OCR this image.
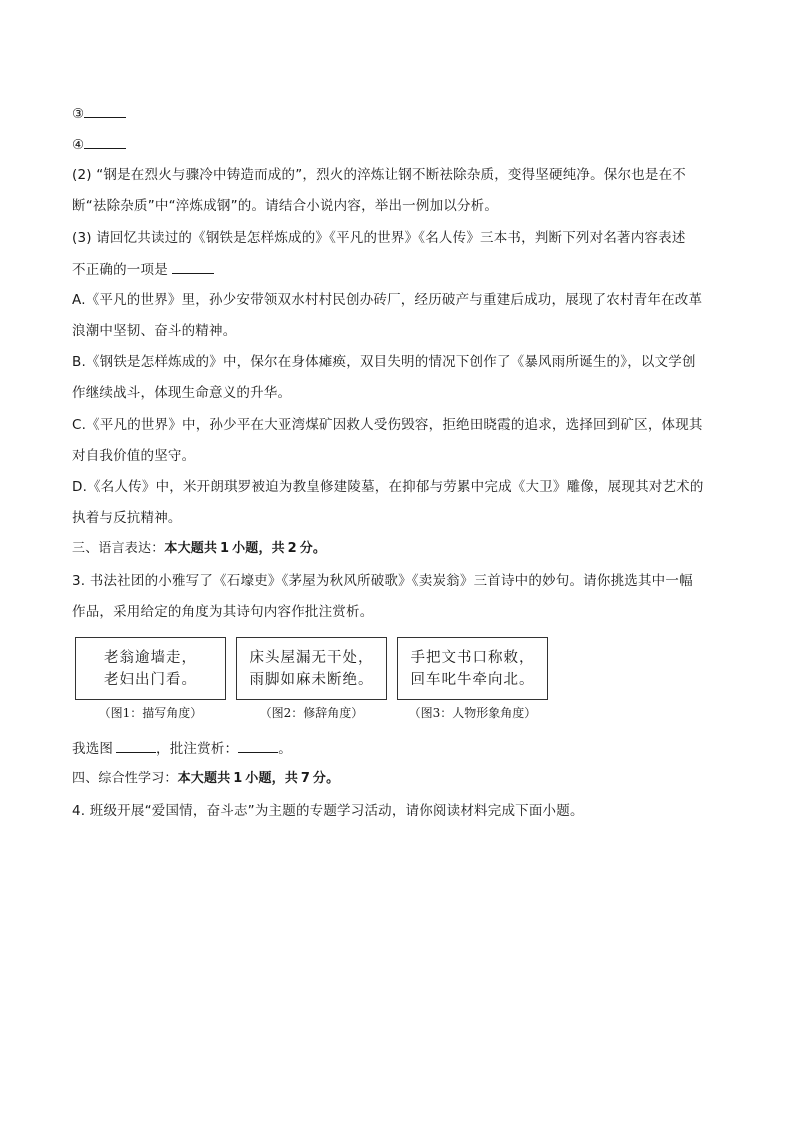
③
④
(2) “钢是在烈火与骤冷中铸造而成的”，烈火的淬炼让钢不断祛除杂质，变得坚硬纯净。保尔也是在不
断“祛除杂质”中“淬炼成钢”的。请结合小说内容，举出一例加以分析。
(3) 请回忆共读过的《钢铁是怎样炼成的》《平凡的世界》《名人传》三本书，判断下列对名著内容表述
不正确的一项是
A.《平凡的世界》里，孙少安带领双水村村民创办砖厂，经历破产与重建后成功，展现了农村青年在改革
浪潮中坚韧、奋斗的精神。
B.《钢铁是怎样炼成的》中，保尔在身体瘫痪，双目失明的情况下创作了《暴风雨所诞生的》，以文学创
作继续战斗，体现生命意义的升华。
C.《平凡的世界》中，孙少平在大亚湾煤矿因救人受伤毁容，拒绝田晓霞的追求，选择回到矿区，体现其
对自我价值的坚守。
D.《名人传》中，米开朗琪罗被迫为教皇修建陵墓，在抑郁与劳累中完成《大卫》雕像，展现其对艺术的
执着与反抗精神。
三、语言表达：本大题共  1  小题，共  2  分。
3. 书法社团的小雅写了《石壕吏》《茅屋为秋风所破歌》《卖炭翁》三首诗中的妙句。请你挑选其中一幅
作品，采用给定的角度为其诗句内容作批注赏析。
老翁逾墙走，
老妇出门看。
床头屋漏无干处，
雨脚如麻未断绝。
手把文书口称敕，
回车叱牛牵向北。
（图1：描写角度）	（图2：修辞角度）	（图3：人物形象角度）
我选图 	，批注赏析：	。
四、综合性学习：本大题共  1  小题，共  7  分。
4. 班级开展“爱国情，奋斗志”为主题的专题学习活动，请你阅读材料完成下面小题。
